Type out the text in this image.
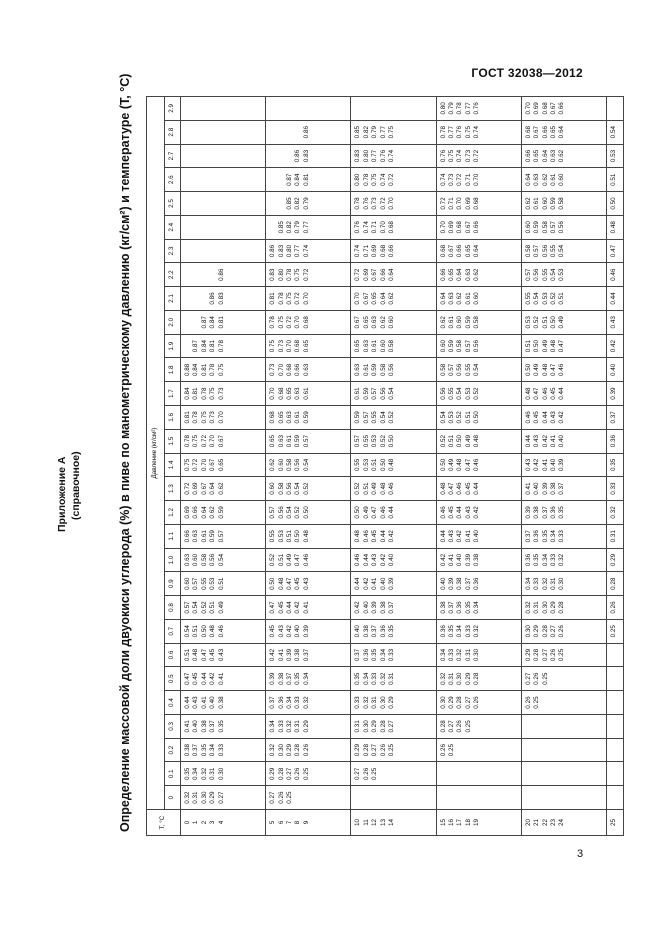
ГОСТ 32038—2012
Приложение А (справочное)	Определение массовой доли двуокиси углерода (%) в пиве по манометрическому давлению (кг/см²) и температуре (T, °C)	T, °C	Давление (кг/см²)																													
	0	0.1	0.2	0.3	0.4	0.5	0.6	0.7	0.8	0.9	1.0	1.1	1.2	1.3	1.4	1.5	1.6	1.7	1.8	1.9	2.0	2.1	2.2	2.3	2.4	2.5	2.6	2.7	2.8	2.9

0 1 2 3 4	0.32 0.31 0.30 0.29 0.27	0.35 0.34 0.32 0.31 0.30	0.38 0.37 0.35 0.34 0.33	0.41 0.40 0.38 0.37 0.35	0.44 0.43 0.41 0.40 0.38	0.47 0.45 0.44 0.42 0.41	0.51 0.48 0.47 0.45 0.43	0.54 0.51 0.50 0.48 0.46	0.57 0.54 0.52 0.51 0.49	0.60 0.57 0.55 0.53 0.51	0.63 0.60 0.58 0.56 0.54	0.66 0.63 0.61 0.59 0.57	0.69 0.66 0.64 0.62 0.59	0.72 0.69 0.67 0.64 0.62	0.75 0.72 0.70 0.67 0.65	0.78 0.75 0.72 0.70 0.67	0.81 0.78 0.75 0.73 0.70	0.84 0.81 0.78 0.75 0.73	0.88 0.84 0.81 0.78 0.75	0.87 0.84 0.81 0.78	0.87 0.84 0.81	0.86 0.83	0.86							

5 6 7 8 9	0.27 0.26 0.25	0.29 0.28 0.27 0.26 0.25	0.32 0.30 0.29 0.28 0.26	0.34 0.33 0.32 0.31 0.29	0.37 0.36 0.34 0.33 0.32	0.39 0.38 0.37 0.35 0.34	0.42 0.41 0.39 0.38 0.37	0.45 0.43 0.42 0.40 0.39	0.47 0.45 0.44 0.42 0.41	0.50 0.48 0.47 0.45 0.43	0.52 0.51 0.49 0.47 0.46	0.55 0.53 0.51 0.50 0.48	0.57 0.56 0.54 0.52 0.50	0.60 0.58 0.56 0.54 0.52	0.62 0.60 0.58 0.56 0.54	0.65 0.63 0.61 0.59 0.57	0.68 0.65 0.63 0.61 0.59	0.70 0.68 0.65 0.63 0.61	0.73 0.70 0.68 0.66 0.63	0.75 0.73 0.70 0.68 0.65	0.78 0.75 0.72 0.70 0.68	0.81 0.78 0.75 0.72 0.70	0.83 0.80 0.78 0.75 0.72	0.86 0.83 0.80 0.77 0.74	0.85 0.82 0.79 0.77	0.85 0.82 0.79	0.87 0.84 0.81	0.86 0.83	0.86	

10 11 12 13 14		0.27 0.26 0.25	0.29 0.28 0.27 0.26 0.25	0.31 0.30 0.29 0.28 0.27	0.33 0.32 0.31 0.30 0.29	0.35 0.34 0.33 0.32 0.31	0.37 0.36 0.35 0.34 0.33	0.40 0.38 0.37 0.36 0.35	0.42 0.40 0.39 0.38 0.37	0.44 0.42 0.41 0.40 0.39	0.46 0.44 0.43 0.42 0.40	0.48 0.46 0.45 0.44 0.42	0.50 0.49 0.47 0.46 0.44	0.52 0.51 0.49 0.48 0.46	0.55 0.53 0.51 0.50 0.48	0.57 0.55 0.53 0.52 0.50	0.59 0.57 0.55 0.54 0.52	0.61 0.59 0.57 0.56 0.54	0.63 0.61 0.59 0.58 0.56	0.65 0.63 0.61 0.60 0.58	0.67 0.65 0.63 0.62 0.60	0.70 0.67 0.65 0.64 0.62	0.72 0.69 0.67 0.66 0.64	0.74 0.71 0.69 0.68 0.66	0.76 0.74 0.71 0.70 0.68	0.78 0.76 0.73 0.72 0.70	0.80 0.78 0.75 0.74 0.72	0.83 0.80 0.77 0.76 0.74	0.85 0.82 0.79 0.77 0.75	

15 16 17 18 19			0.26 0.25	0.28 0.27 0.26 0.25	0.30 0.29 0.28 0.27 0.26	0.32 0.31 0.30 0.29 0.28	0.34 0.33 0.32 0.31 0.30	0.36 0.35 0.34 0.33 0.32	0.38 0.37 0.36 0.35 0.34	0.40 0.39 0.38 0.37 0.36	0.42 0.41 0.40 0.39 0.38	0.44 0.43 0.42 0.41 0.40	0.46 0.45 0.44 0.43 0.42	0.48 0.47 0.46 0.45 0.44	0.50 0.49 0.48 0.47 0.46	0.52 0.51 0.50 0.49 0.48	0.54 0.53 0.52 0.51 0.50	0.56 0.55 0.54 0.53 0.52	0.58 0.57 0.56 0.55 0.54	0.60 0.59 0.58 0.57 0.56	0.62 0.61 0.60 0.59 0.58	0.64 0.63 0.62 0.61 0.60	0.66 0.65 0.64 0.63 0.62	0.68 0.67 0.66 0.65 0.64	0.70 0.69 0.68 0.67 0.66	0.72 0.71 0.70 0.69 0.68	0.74 0.73 0.72 0.71 0.70	0.76 0.75 0.74 0.73 0.72	0.78 0.77 0.76 0.75 0.74	0.80 0.79 0.78 0.77 0.76

20 21 22 23 24					0.26 0.25	0.27 0.26 0.25	0.29 0.28 0.27 0.26 0.25	0.30 0.29 0.28 0.27 0.26	0.32 0.31 0.30 0.29 0.28	0.34 0.33 0.32 0.31 0.30	0.36 0.35 0.34 0.33 0.32	0.37 0.36 0.35 0.34 0.33	0.39 0.38 0.37 0.36 0.35	0.41 0.40 0.39 0.38 0.37	0.43 0.42 0.41 0.40 0.39	0.44 0.43 0.42 0.41 0.40	0.46 0.45 0.44 0.43 0.42	0.48 0.47 0.46 0.45 0.44	0.50 0.49 0.48 0.47 0.46	0.51 0.50 0.49 0.48 0.47	0.53 0.52 0.51 0.50 0.49	0.55 0.54 0.53 0.52 0.51	0.57 0.56 0.55 0.54 0.53	0.58 0.57 0.56 0.55 0.54	0.60 0.59 0.58 0.57 0.56	0.62 0.61 0.60 0.59 0.58	0.64 0.63 0.62 0.61 0.60	0.66 0.65 0.64 0.63 0.62	0.68 0.67 0.66 0.65 0.64	0.70 0.69 0.68 0.67 0.66

25								0.25	0.26	0.28	0.29	0.31	0.32	0.33	0.35	0.36	0.37	0.39	0.40	0.42	0.43	0.44	0.46	0.47	0.48	0.50	0.51	0.53	0.54	

3
